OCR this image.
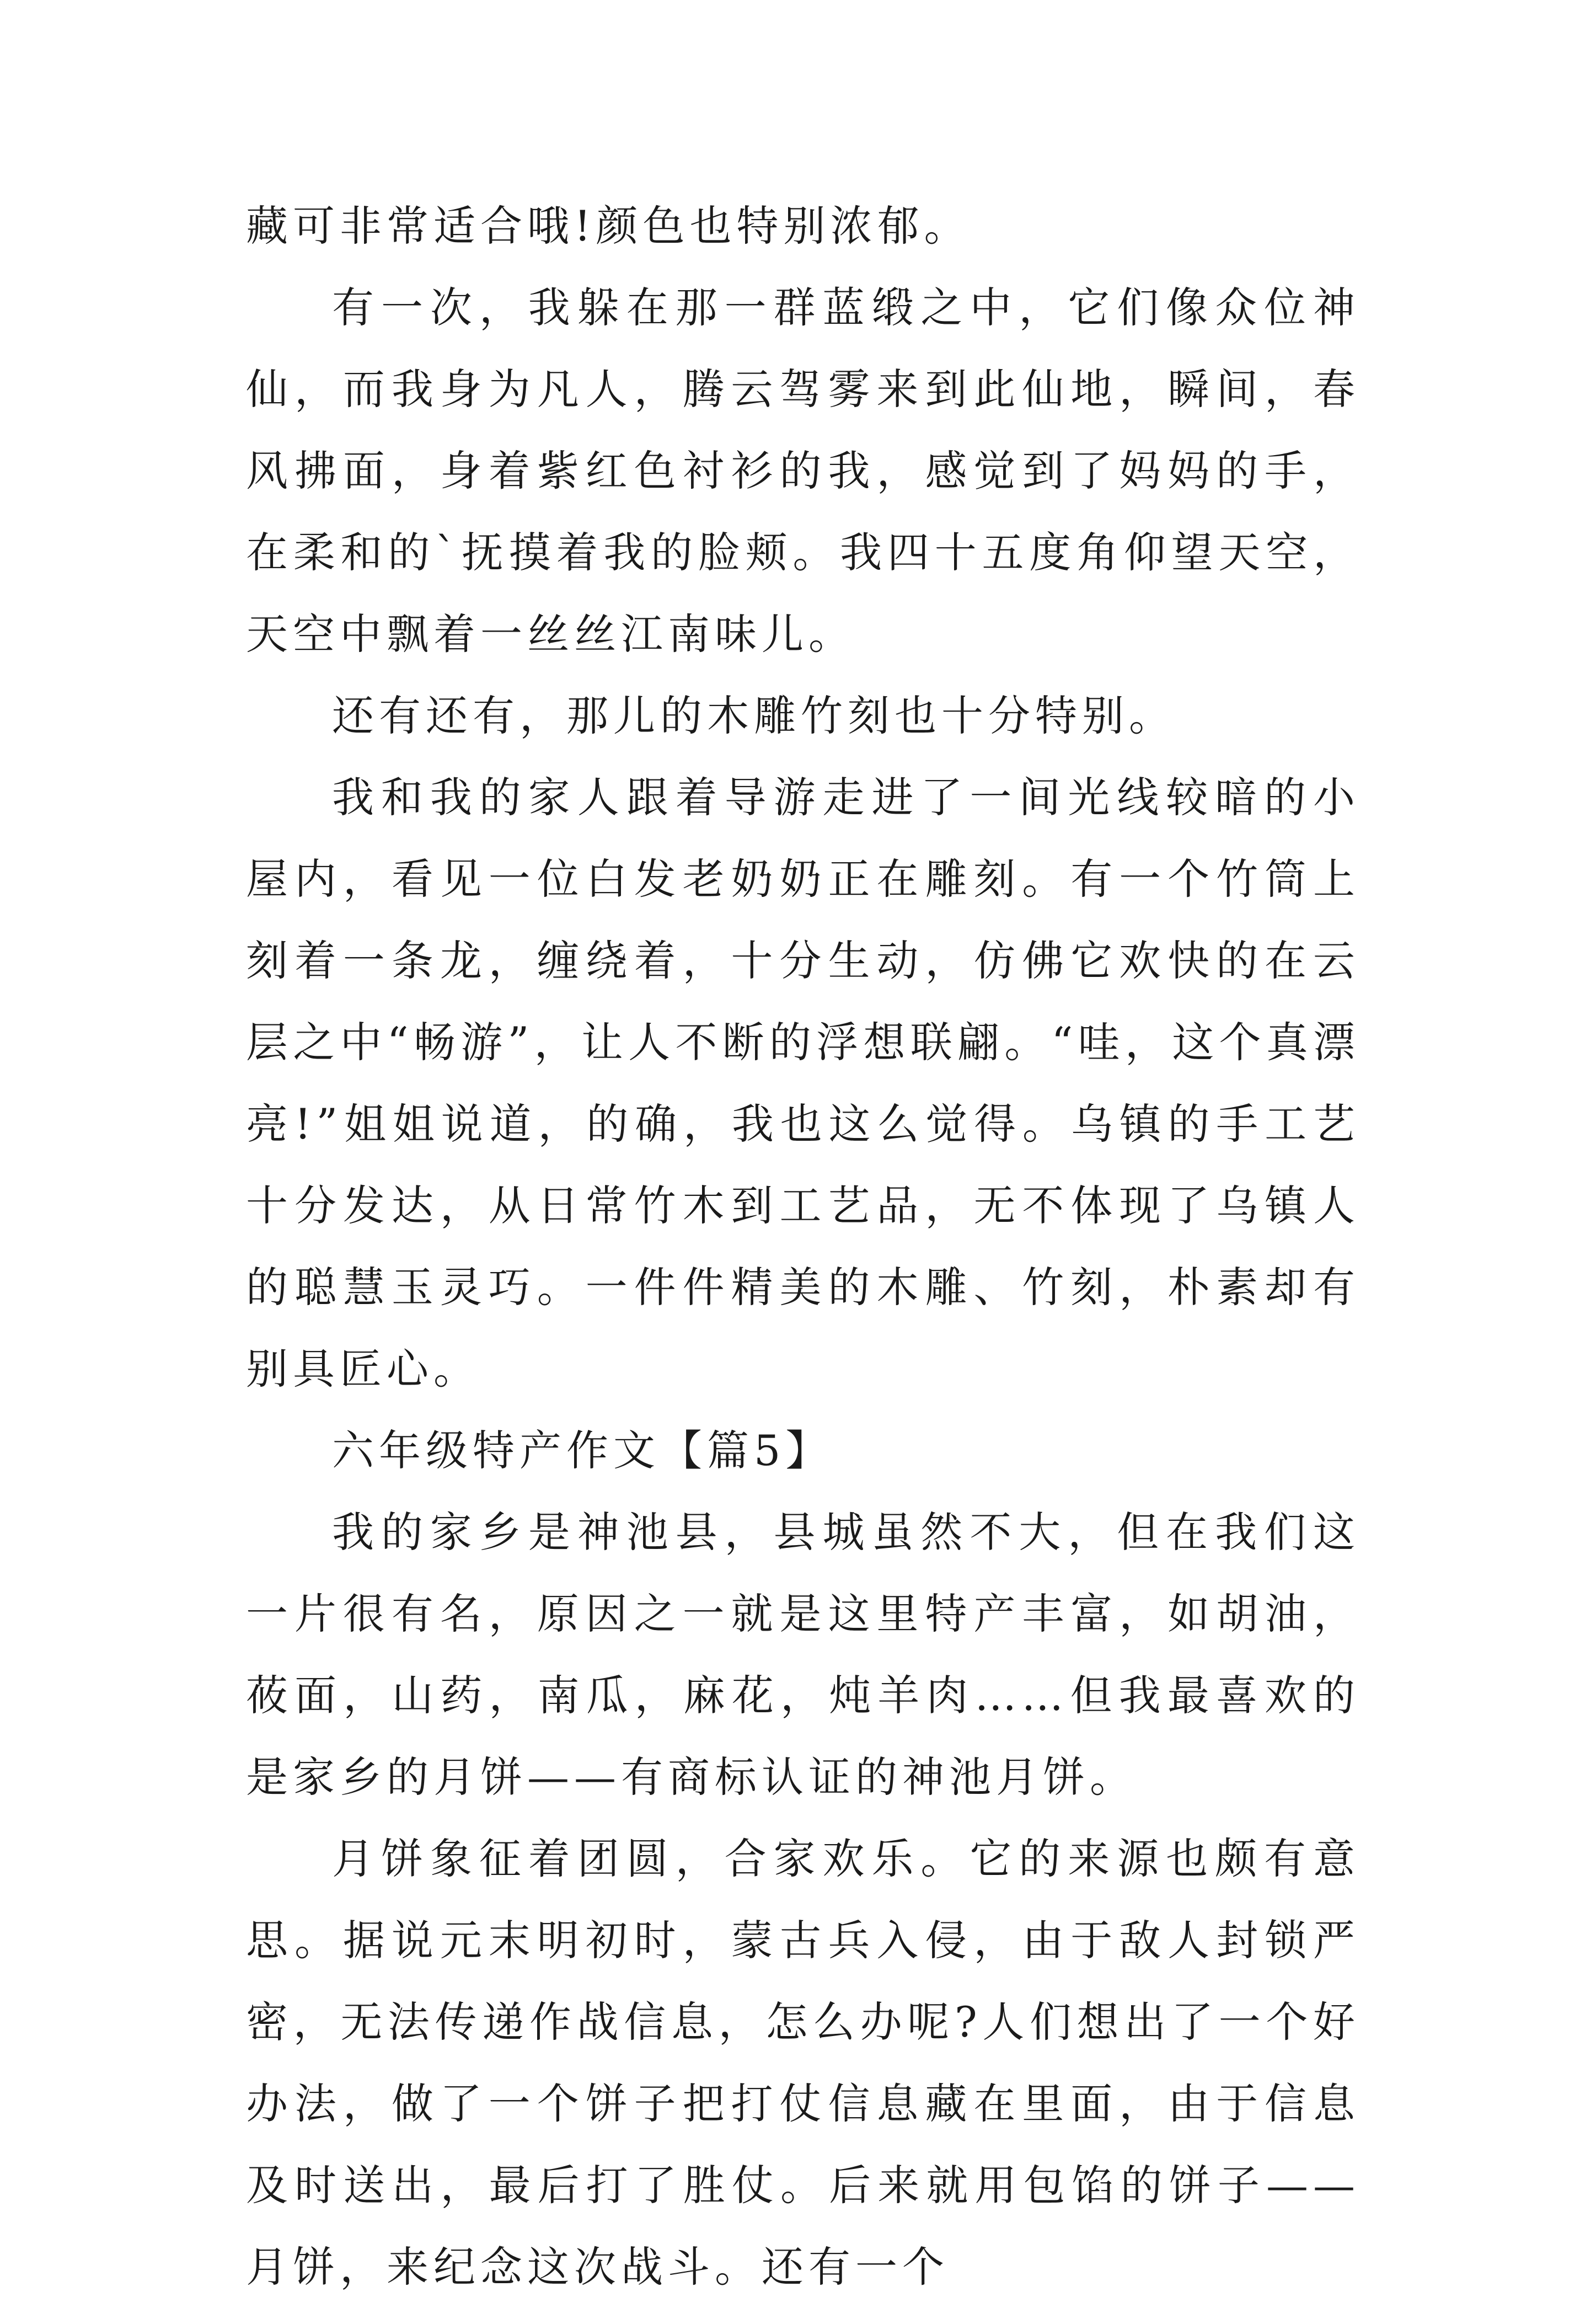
藏可非常适合哦!颜色也特别浓郁。

有一次，我躲在那一群蓝缎之中，它们像众位神仙，而我身为凡人，腾云驾雾来到此仙地，瞬间，春风拂面，身着紫红色衬衫的我，感觉到了妈妈的手，在柔和的`抚摸着我的脸颊。我四十五度角仰望天空，天空中飘着一丝丝江南味儿。

还有还有，那儿的木雕竹刻也十分特别。

我和我的家人跟着导游走进了一间光线较暗的小屋内，看见一位白发老奶奶正在雕刻。有一个竹筒上刻着一条龙，缠绕着，十分生动，仿佛它欢快的在云层之中“畅游”，让人不断的浮想联翩。“哇，这个真漂亮!”姐姐说道，的确，我也这么觉得。乌镇的手工艺十分发达，从日常竹木到工艺品，无不体现了乌镇人的聪慧玉灵巧。一件件精美的木雕、竹刻，朴素却有别具匠心。

六年级特产作文【篇5】

我的家乡是神池县，县城虽然不大，但在我们这一片很有名，原因之一就是这里特产丰富，如胡油，莜面，山药，南瓜，麻花，炖羊肉……但我最喜欢的是家乡的月饼——有商标认证的神池月饼。

月饼象征着团圆，合家欢乐。它的来源也颇有意思。据说元末明初时，蒙古兵入侵，由于敌人封锁严密，无法传递作战信息，怎么办呢?人们想出了一个好办法，做了一个饼子把打仗信息藏在里面，由于信息及时送出，最后打了胜仗。后来就用包馅的饼子——月饼，来纪念这次战斗。还有一个
